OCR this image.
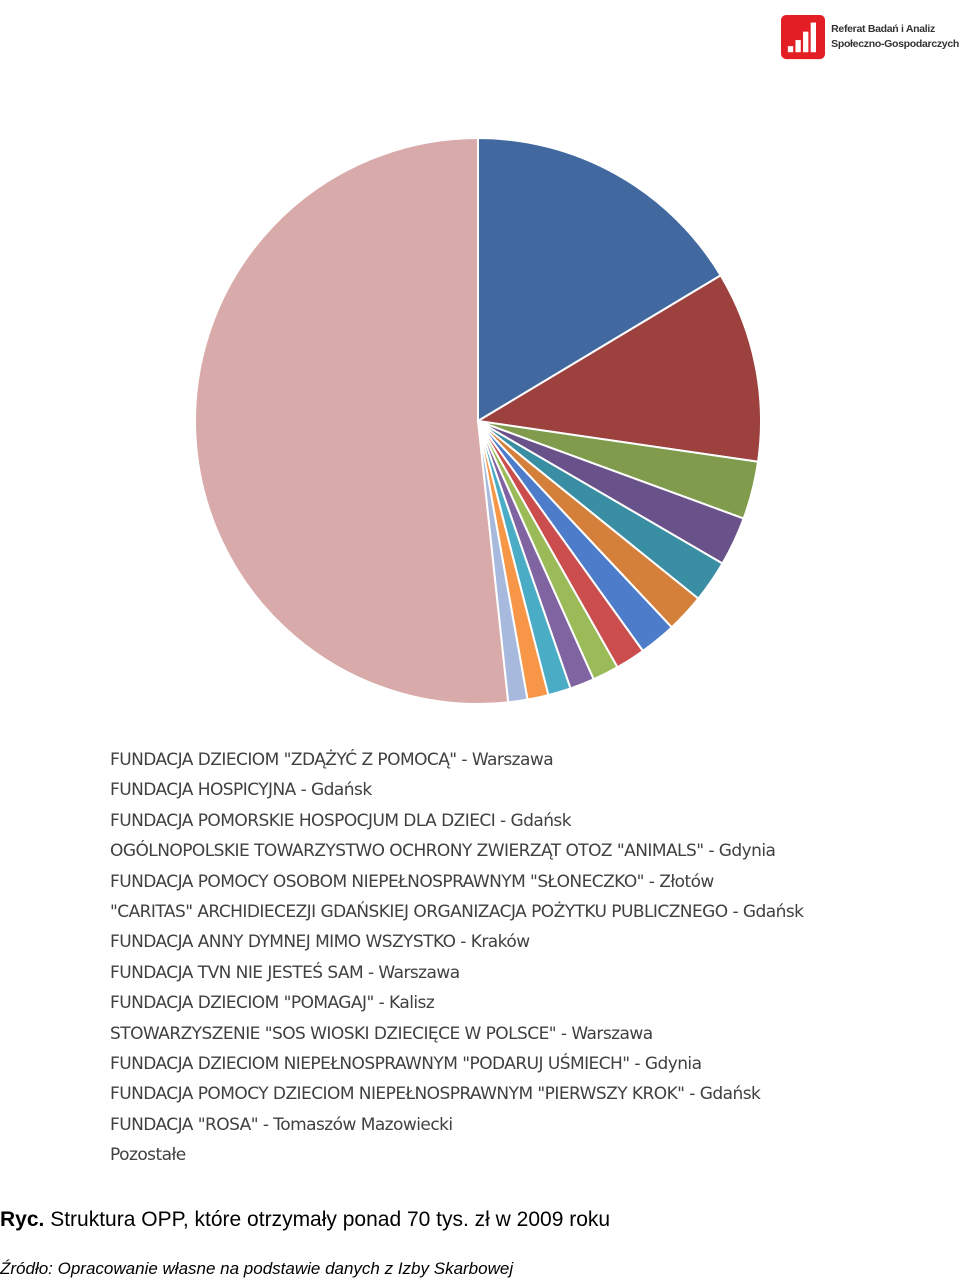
Referat Badań i Analiz
Społeczno-Gospodarczych
FUNDACJA DZIECIOM "ZDĄŻYĆ Z POMOCĄ" - Warszawa
FUNDACJA HOSPICYJNA - Gdańsk
FUNDACJA POMORSKIE HOSPOCJUM DLA DZIECI - Gdańsk
OGÓLNOPOLSKIE TOWARZYSTWO OCHRONY ZWIERZĄT OTOZ "ANIMALS" - Gdynia
FUNDACJA POMOCY OSOBOM NIEPEŁNOSPRAWNYM "SŁONECZKO" - Złotów
"CARITAS" ARCHIDIECEZJI GDAŃSKIEJ ORGANIZACJA POŻYTKU PUBLICZNEGO - Gdańsk
FUNDACJA ANNY DYMNEJ MIMO WSZYSTKO - Kraków
FUNDACJA TVN NIE JESTEŚ SAM - Warszawa
FUNDACJA DZIECIOM "POMAGAJ" - Kalisz
STOWARZYSZENIE "SOS WIOSKI DZIECIĘCE W POLSCE" - Warszawa
FUNDACJA DZIECIOM NIEPEŁNOSPRAWNYM "PODARUJ UŚMIECH" - Gdynia
FUNDACJA POMOCY DZIECIOM NIEPEŁNOSPRAWNYM "PIERWSZY KROK" - Gdańsk
FUNDACJA "ROSA" - Tomaszów Mazowiecki
Pozostałe
Ryc. Struktura OPP, które otrzymały ponad 70 tys. zł w 2009 roku
Źródło: Opracowanie własne na podstawie danych z Izby Skarbowej
